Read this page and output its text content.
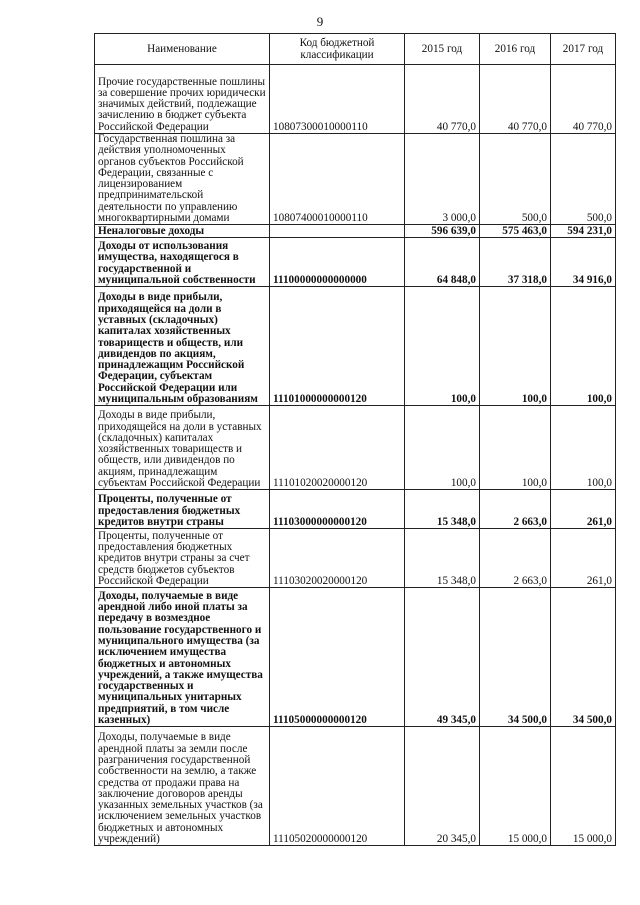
9
Наименование	Код бюджетной классификации	2015 год	2016 год	2017 год
Прочие государственные пошлины за совершение прочих юридически значимых действий, подлежащие зачислению в бюджет субъекта Российской Федерации	10807300010000110	40 770,0	40 770,0	40 770,0
Государственная пошлина за действия уполномоченных органов субъектов Российской Федерации, связанные с лицензированием предпринимательской деятельности по управлению многоквартирными домами	10807400010000110	3 000,0	500,0	500,0
Неналоговые доходы		596 639,0	575 463,0	594 231,0
Доходы от использования имущества, находящегося в государственной и муниципальной собственности	11100000000000000	64 848,0	37 318,0	34 916,0
Доходы в виде прибыли, приходящейся на доли в уставных (складочных) капиталах хозяйственных товариществ и обществ, или дивидендов по акциям, принадлежащим Российской Федерации, субъектам Российской Федерации или муниципальным образованиям	11101000000000120	100,0	100,0	100,0
Доходы в виде прибыли, приходящейся на доли в уставных (складочных) капиталах хозяйственных товариществ и обществ, или дивидендов по акциям, принадлежащим субъектам Российской Федерации	11101020020000120	100,0	100,0	100,0
Проценты, полученные от предоставления бюджетных кредитов внутри страны	11103000000000120	15 348,0	2 663,0	261,0
Проценты, полученные от предоставления бюджетных кредитов внутри страны за счет средств бюджетов субъектов Российской Федерации	11103020020000120	15 348,0	2 663,0	261,0
Доходы, получаемые в виде арендной либо иной платы за передачу в возмездное пользование государственного и муниципального имущества (за исключением имущества бюджетных и автономных учреждений, а также имущества государственных и муниципальных унитарных предприятий, в том числе казенных)	11105000000000120	49 345,0	34 500,0	34 500,0
Доходы, получаемые в виде арендной платы за земли после разграничения государственной собственности на землю, а также средства от продажи права на заключение договоров аренды указанных земельных участков (за исключением земельных участков бюджетных и автономных учреждений)	11105020000000120	20 345,0	15 000,0	15 000,0
